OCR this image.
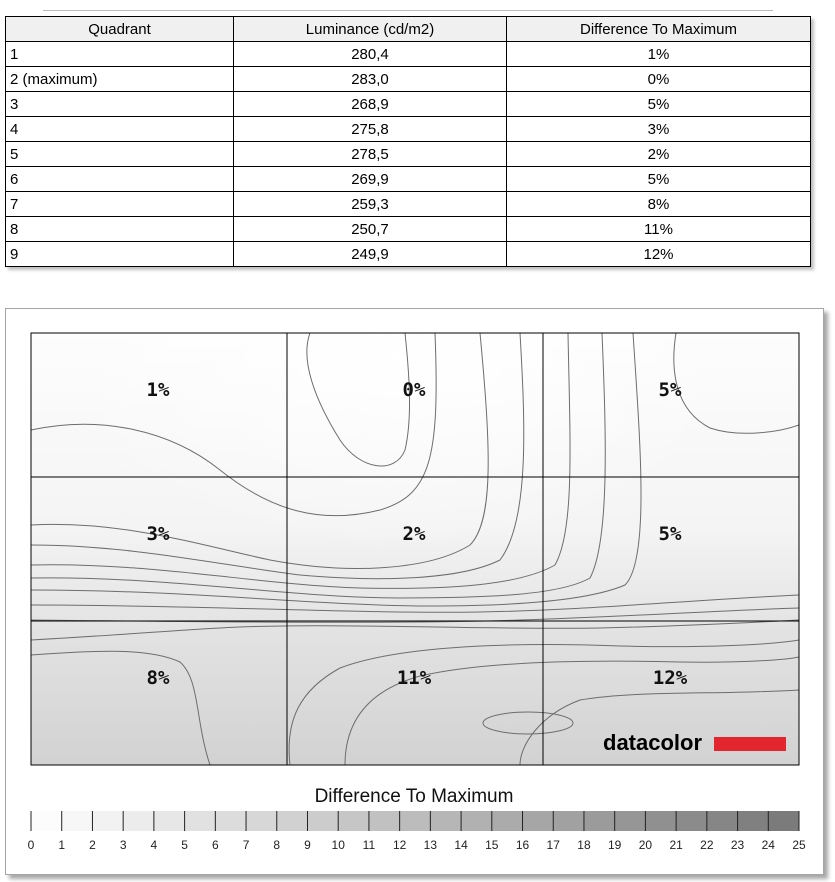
Quadrant	Luminance (cd/m2)	Difference To Maximum
1	280,4	1%
2 (maximum)	283,0	0%
3	268,9	5%
4	275,8	3%
5	278,5	2%
6	269,9	5%
7	259,3	8%
8	250,7	11%
9	249,9	12%
1%	0%	5%
3%	2%	5%
8%	11%	12%
datacolor
Difference To Maximum
0 1 2 3 4 5 6 7 8 9 10 11 12 13 14 15 16 17 18 19 20 21 22 23 24 25
